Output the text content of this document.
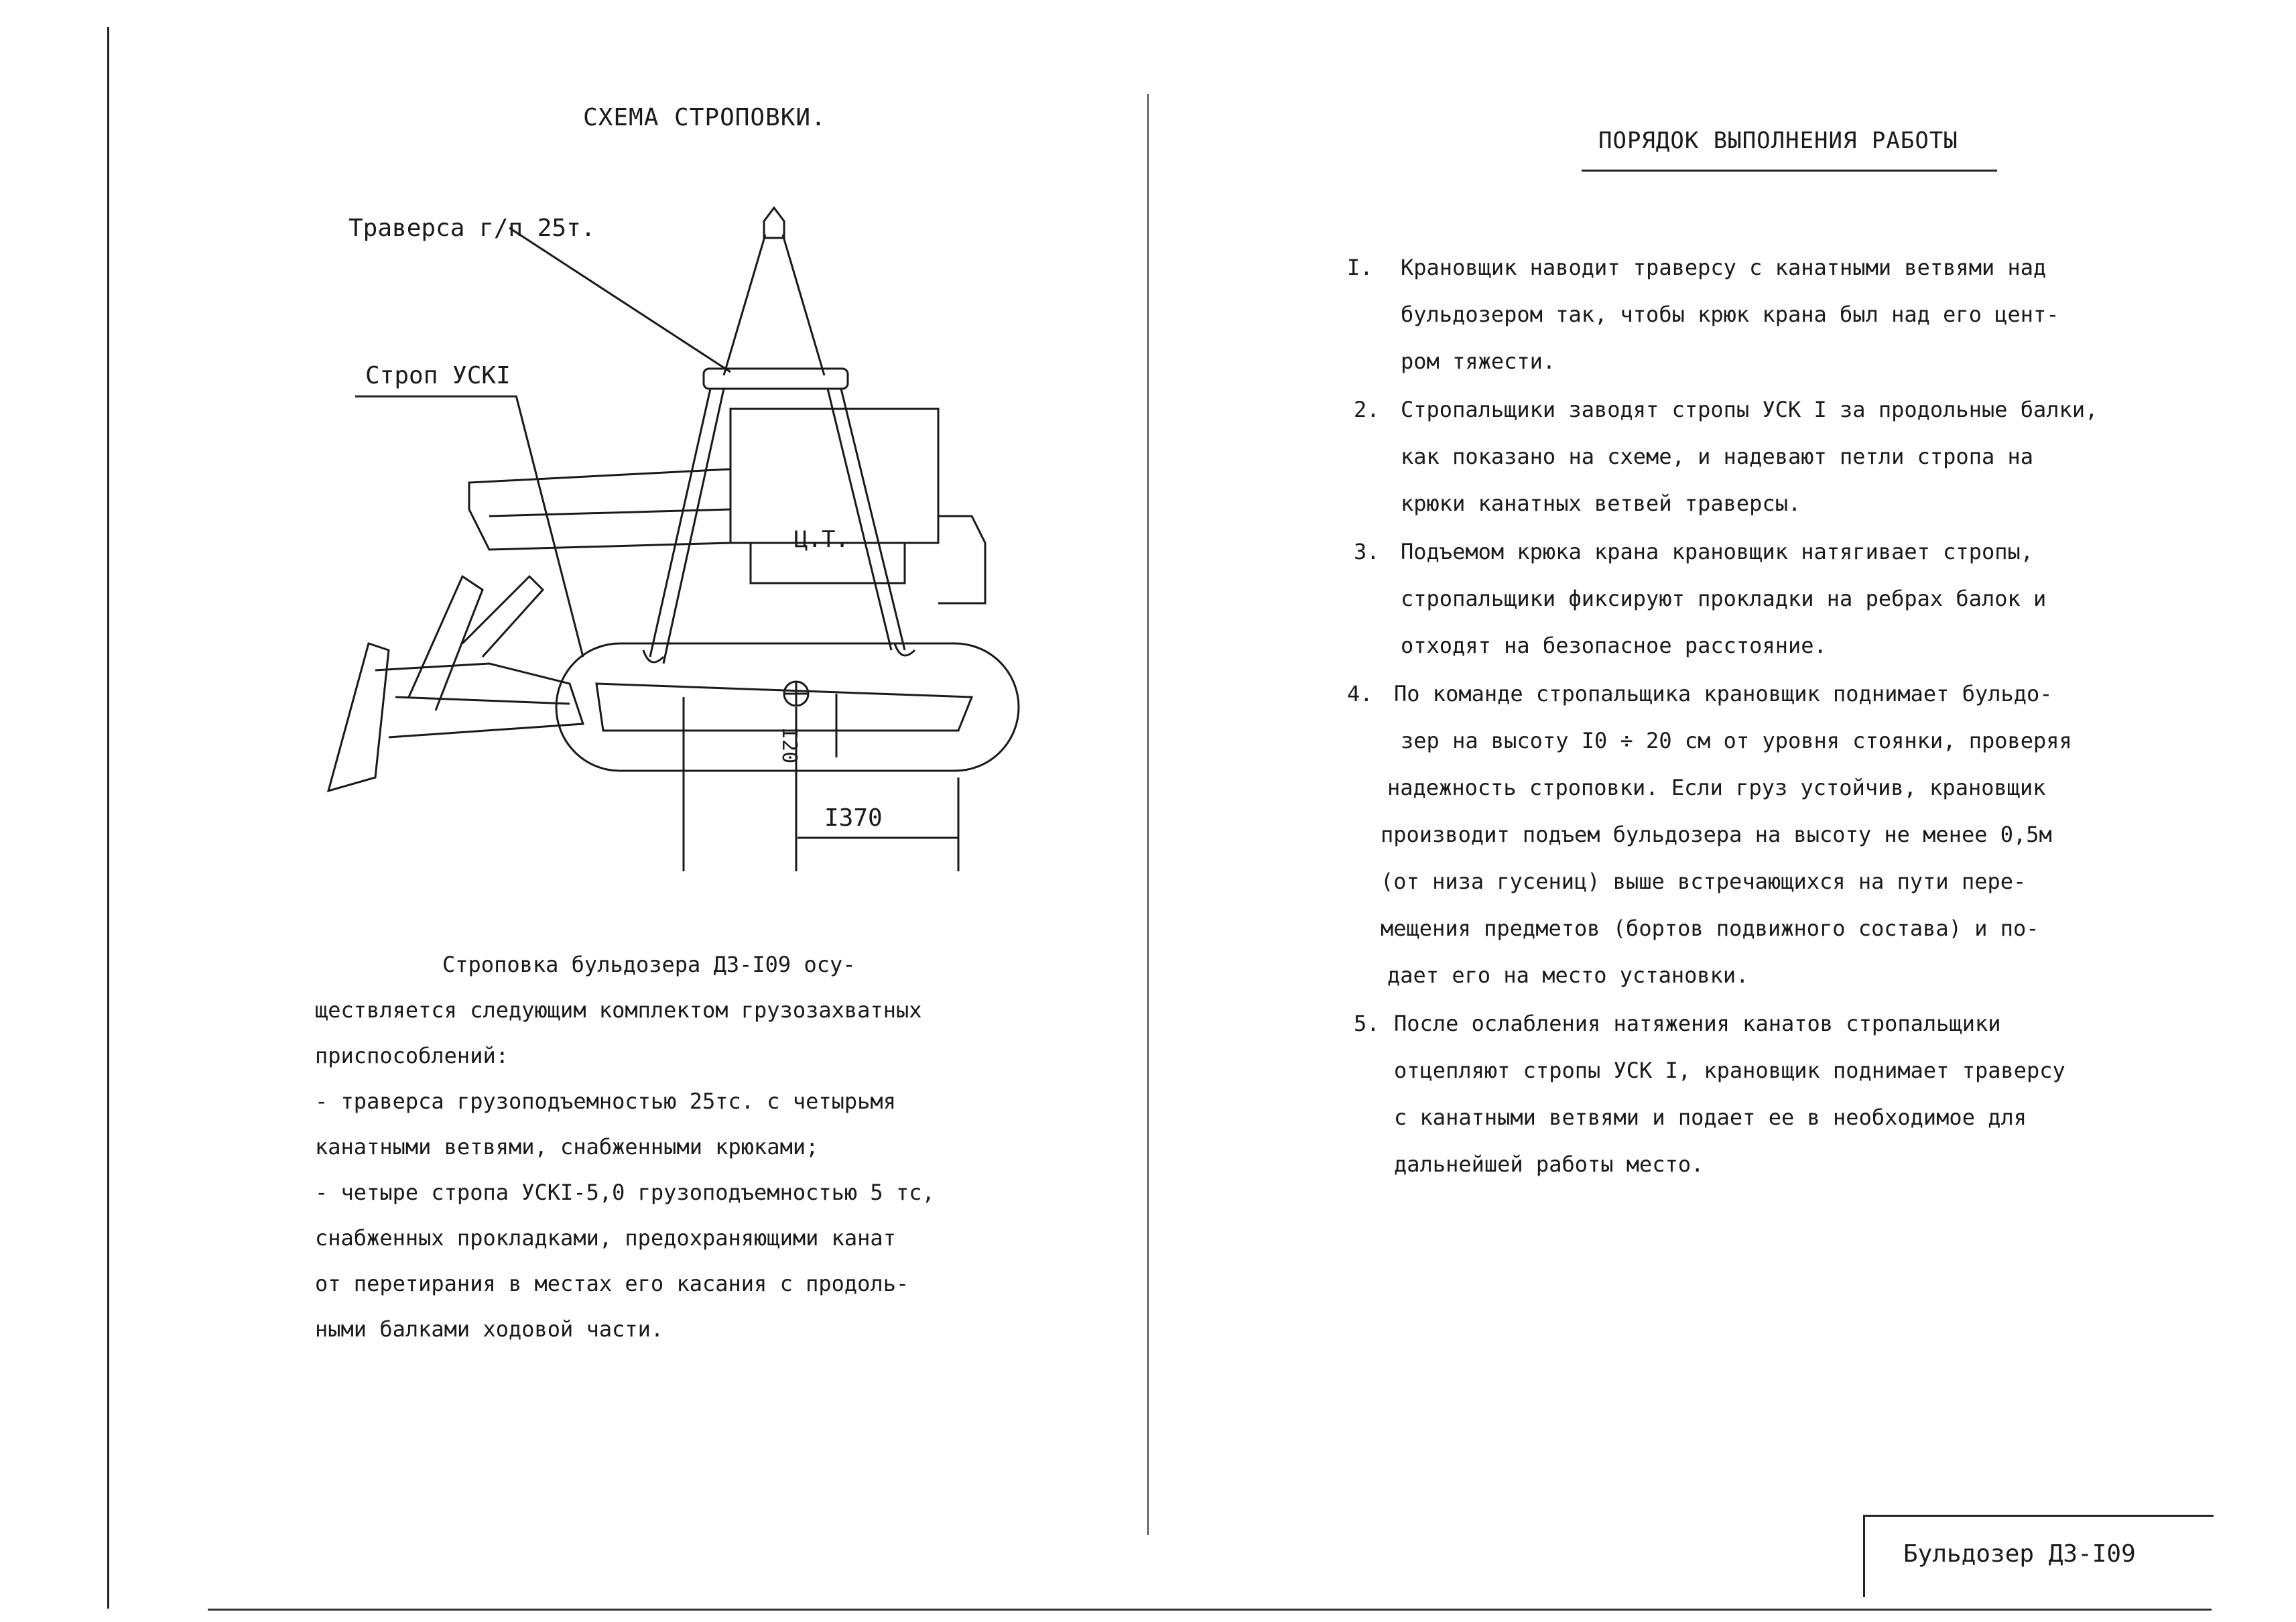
СХЕМА СТРОПОВКИ.
Траверса г/п 25т.
Строп УСКI
Ц.Т.
I20
I370
Строповка бульдозера ДЗ-I09 осу-
ществляется следующим комплектом грузозахватных
приспособлений:
- траверса грузоподъемностью 25тс. с четырьмя
канатными ветвями, снабженными крюками;
- четыре стропа УСКI-5,0 грузоподъемностью 5 тс,
снабженных прокладками, предохраняющими канат
от перетирания в местах его касания с продоль-
ными балками ходовой части.
ПОРЯДОК ВЫПОЛНЕНИЯ РАБОТЫ
I. Крановщик наводит траверсу с канатными ветвями над
бульдозером так, чтобы крюк крана был над его цент-
ром тяжести.
2. Стропальщики заводят стропы УСК I за продольные балки,
как показано на схеме, и надевают петли стропа на
крюки канатных ветвей траверсы.
3. Подъемом крюка крана крановщик натягивает стропы,
стропальщики фиксируют прокладки на ребрах балок и
отходят на безопасное расстояние.
4. По команде стропальщика крановщик поднимает бульдо-
зер на высоту I0 ÷ 20 см от уровня стоянки, проверяя
надежность строповки. Если груз устойчив, крановщик
производит подъем бульдозера на высоту не менее 0,5м
(от низа гусениц) выше встречающихся на пути пере-
мещения предметов (бортов подвижного состава) и по-
дает его на место установки.
5. После ослабления натяжения канатов стропальщики
отцепляют стропы УСК I, крановщик поднимает траверсу
с канатными ветвями и подает ее в необходимое для
дальнейшей работы место.
Бульдозер ДЗ-I09
